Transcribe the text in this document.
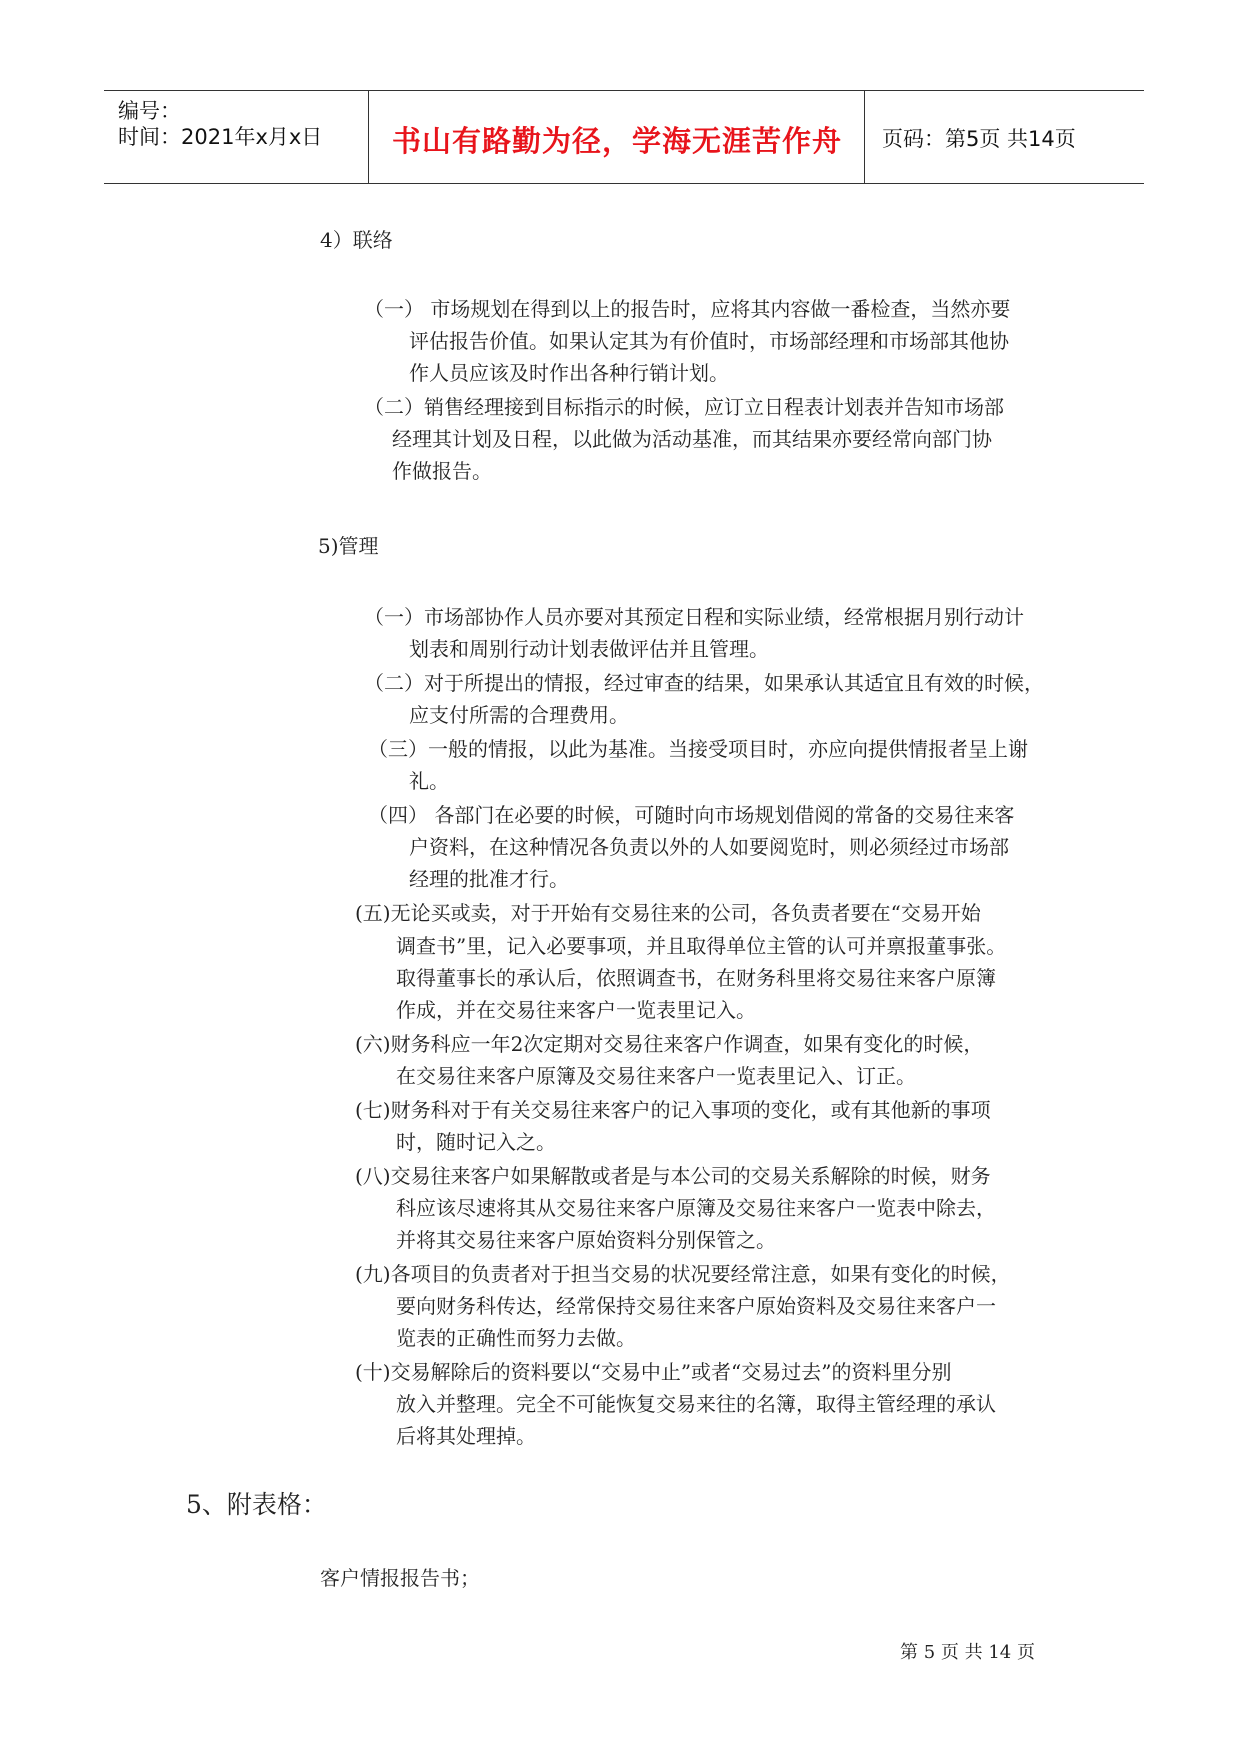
编号：
时间：2021年x月x日	书山有路勤为径，学海无涯苦作舟	页码：第5页 共14页
4）联络
（一） 市场规划在得到以上的报告时，应将其内容做一番检查，当然亦要
评估报告价值。如果认定其为有价值时，市场部经理和市场部其他协
作人员应该及时作出各种行销计划。
（二）销售经理接到目标指示的时候，应订立日程表计划表并告知市场部
经理其计划及日程，以此做为活动基准，而其结果亦要经常向部门协
作做报告。
5)管理
（一）市场部协作人员亦要对其预定日程和实际业绩，经常根据月别行动计
划表和周别行动计划表做评估并且管理。
（二）对于所提出的情报，经过审查的结果，如果承认其适宜且有效的时候，
应支付所需的合理费用。
（三）一般的情报，以此为基准。当接受项目时，亦应向提供情报者呈上谢
礼。
（四） 各部门在必要的时候，可随时向市场规划借阅的常备的交易往来客
户资料，在这种情况各负责以外的人如要阅览时，则必须经过市场部
经理的批准才行。
(五)无论买或卖，对于开始有交易往来的公司，各负责者要在“交易开始
调查书”里，记入必要事项，并且取得单位主管的认可并禀报董事张。
取得董事长的承认后，依照调查书，在财务科里将交易往来客户原簿
作成，并在交易往来客户一览表里记入。
(六)财务科应一年2次定期对交易往来客户作调查，如果有变化的时候，
在交易往来客户原簿及交易往来客户一览表里记入、订正。
(七)财务科对于有关交易往来客户的记入事项的变化，或有其他新的事项
时，随时记入之。
(八)交易往来客户如果解散或者是与本公司的交易关系解除的时候，财务
科应该尽速将其从交易往来客户原簿及交易往来客户一览表中除去，
并将其交易往来客户原始资料分别保管之。
(九)各项目的负责者对于担当交易的状况要经常注意，如果有变化的时候，
要向财务科传达，经常保持交易往来客户原始资料及交易往来客户一
览表的正确性而努力去做。
(十)交易解除后的资料要以“交易中止”或者“交易过去”的资料里分别
放入并整理。完全不可能恢复交易来往的名簿，取得主管经理的承认
后将其处理掉。
5、附表格：
客户情报报告书；
第 5 页 共 14 页
